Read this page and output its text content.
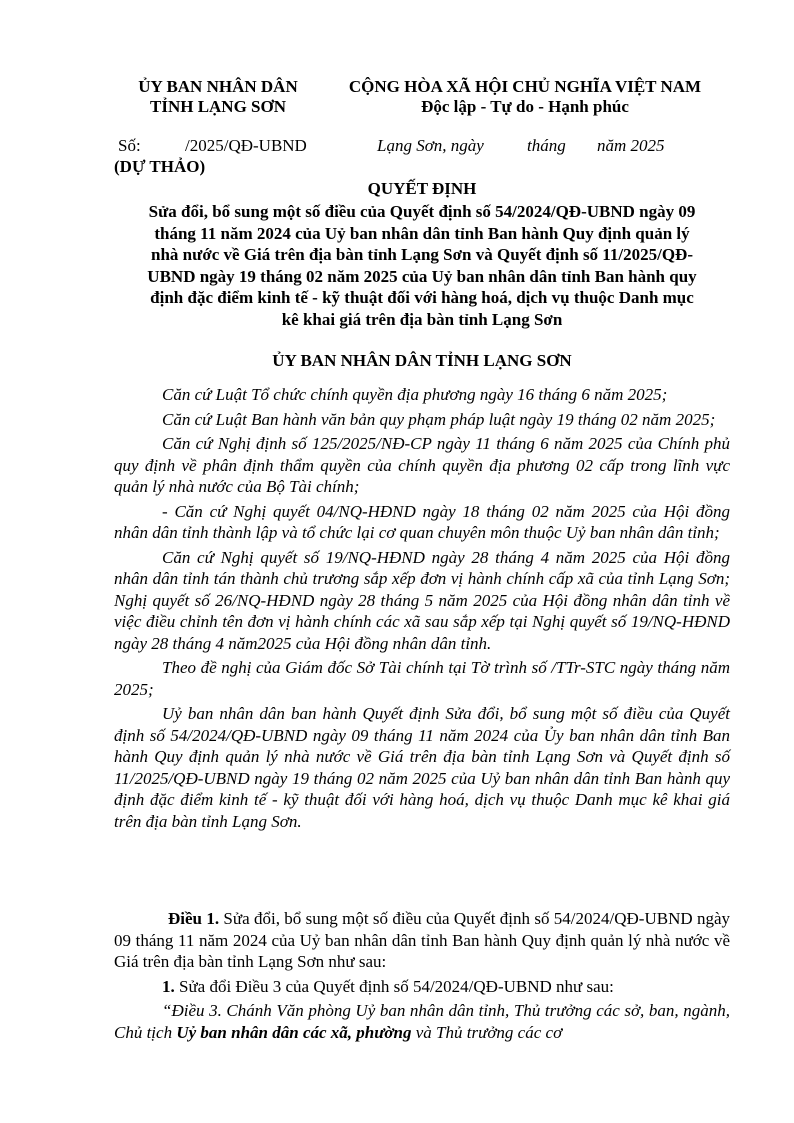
ỦY BAN NHÂN DÂN
TỈNH LẠNG SƠN
CỘNG HÒA XÃ HỘI CHỦ NGHĨA VIỆT NAM
Độc lập - Tự do - Hạnh phúc
Số:	/2025/QĐ-UBND	Lạng Sơn, ngày	tháng năm 2025
(DỰ THẢO)
QUYẾT ĐỊNH
Sửa đổi, bổ sung một số điều của Quyết định số 54/2024/QĐ-UBND ngày 09
tháng 11 năm 2024 của Uỷ ban nhân dân tỉnh Ban hành Quy định quản lý
nhà nước về Giá trên địa bàn tỉnh Lạng Sơn và Quyết định số 11/2025/QĐ-
UBND ngày 19 tháng 02 năm 2025 của Uỷ ban nhân dân tỉnh Ban hành quy
định đặc điểm kinh tế - kỹ thuật đối với hàng hoá, dịch vụ thuộc Danh mục
kê khai giá trên địa bàn tỉnh Lạng Sơn
ỦY BAN NHÂN DÂN TỈNH LẠNG SƠN

Căn cứ Luật Tổ chức chính quyền địa phương ngày 16 tháng 6 năm 2025;

Căn cứ Luật Ban hành văn bản quy phạm pháp luật ngày 19 tháng 02 năm 2025;

Căn cứ Nghị định số 125/2025/NĐ-CP ngày 11 tháng 6 năm 2025 của Chính phủ quy định về phân định thẩm quyền của chính quyền địa phương 02 cấp trong lĩnh vực quản lý nhà nước của Bộ Tài chính;

- Căn cứ Nghị quyết 04/NQ-HĐND ngày 18 tháng 02 năm 2025 của Hội đồng nhân dân tỉnh thành lập và tổ chức lại cơ quan chuyên môn thuộc Uỷ ban nhân dân tỉnh;

Căn cứ Nghị quyết số 19/NQ-HĐND ngày 28 tháng 4 năm 2025 của Hội đồng nhân dân tỉnh tán thành chủ trương sắp xếp đơn vị hành chính cấp xã của tỉnh Lạng Sơn; Nghị quyết số 26/NQ-HĐND ngày 28 tháng 5 năm 2025 của Hội đồng nhân dân tỉnh về việc điều chỉnh tên đơn vị hành chính các xã sau sắp xếp tại Nghị quyết số 19/NQ-HĐND ngày 28 tháng 4 năm2025 của Hội đồng nhân dân tỉnh.

Theo đề nghị của Giám đốc Sở Tài chính tại Tờ trình số /TTr-STC ngày tháng năm 2025;

Uỷ ban nhân dân ban hành Quyết định Sửa đổi, bổ sung một số điều của Quyết định số 54/2024/QĐ-UBND ngày 09 tháng 11 năm 2024 của Ủy ban nhân dân tỉnh Ban hành Quy định quản lý nhà nước về Giá trên địa bàn tỉnh Lạng Sơn và Quyết định số 11/2025/QĐ-UBND ngày 19 tháng 02 năm 2025 của Uỷ ban nhân dân tỉnh Ban hành quy định đặc điểm kinh tế - kỹ thuật đối với hàng hoá, dịch vụ thuộc Danh mục kê khai giá trên địa bàn tỉnh Lạng Sơn.

Điều 1. Sửa đổi, bổ sung một số điều của Quyết định số 54/2024/QĐ-UBND ngày 09 tháng 11 năm 2024 của Uỷ ban nhân dân tỉnh Ban hành Quy định quản lý nhà nước về Giá trên địa bàn tỉnh Lạng Sơn như sau:

1. Sửa đổi Điều 3 của Quyết định số 54/2024/QĐ-UBND như sau:

“Điều 3. Chánh Văn phòng Uỷ ban nhân dân tỉnh, Thủ trưởng các sở, ban, ngành, Chủ tịch Uỷ ban nhân dân các xã, phường và Thủ trưởng các cơ
